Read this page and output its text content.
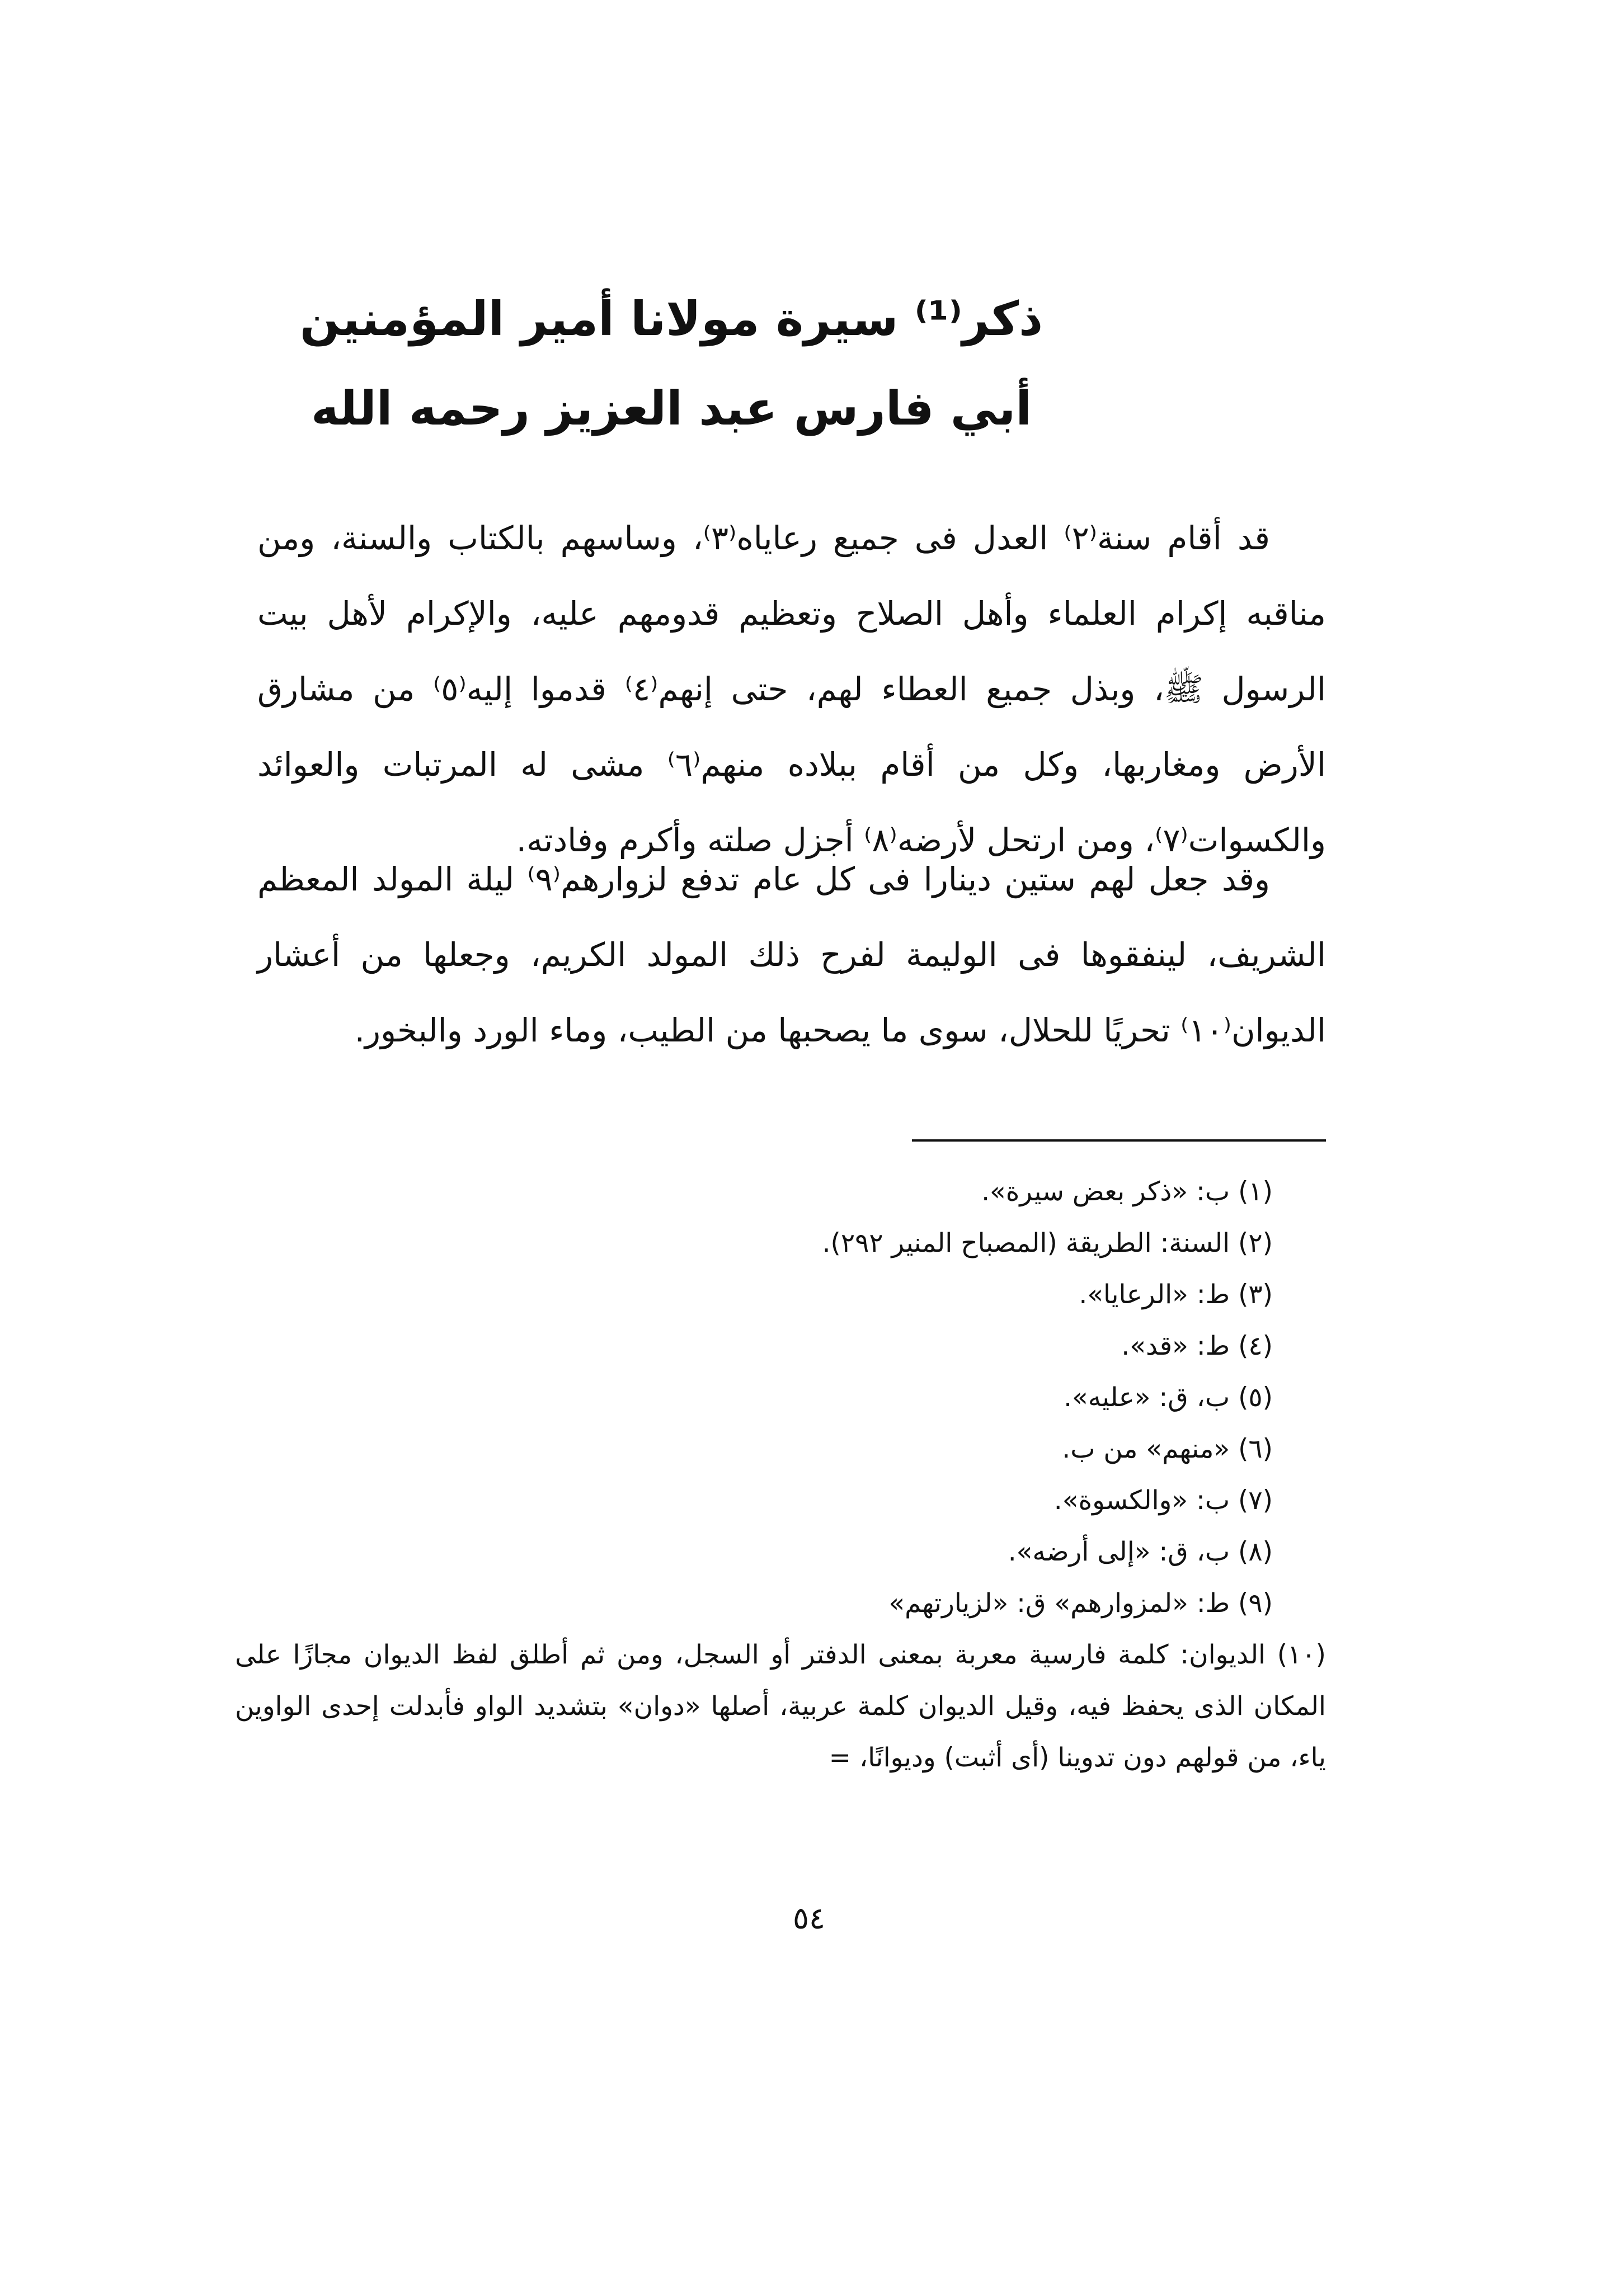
ذكر⁽¹⁾ سيرة مولانا أمير المؤمنين
أبي فارس عبد العزيز رحمه الله

قد أقام سنة⁽٢⁾ العدل فى جميع رعاياه⁽٣⁾، وساسهم بالكتاب والسنة، ومن مناقبه إكرام العلماء وأهل الصلاح وتعظيم قدومهم عليه، والإكرام لأهل بيت الرسول ﷺ، وبذل جميع العطاء لهم، حتى إنهم⁽٤⁾ قدموا إليه⁽٥⁾ من مشارق الأرض ومغاربها، وكل من أقام ببلاده منهم⁽٦⁾ مشى له المرتبات والعوائد والكسوات⁽٧⁾، ومن ارتحل لأرضه⁽٨⁾ أجزل صلته وأكرم وفادته.

وقد جعل لهم ستين دينارا فى كل عام تدفع لزوارهم⁽٩⁾ ليلة المولد المعظم الشريف، لينفقوها فى الوليمة لفرح ذلك المولد الكريم، وجعلها من أعشار الديوان⁽١٠⁾ تحريًا للحلال، سوى ما يصحبها من الطيب، وماء الورد والبخور.

(١) ب: «ذكر بعض سيرة».
(٢) السنة: الطريقة (المصباح المنير ٢٩٢).
(٣) ط: «الرعايا».
(٤) ط: «قد».
(٥) ب، ق: «عليه».
(٦) «منهم» من ب.
(٧) ب: «والكسوة».
(٨) ب، ق: «إلى أرضه».
(٩) ط: «لمزوارهم» ق: «لزيارتهم»
(١٠) الديوان: كلمة فارسية معربة بمعنى الدفتر أو السجل، ومن ثم أطلق لفظ الديوان مجازًا على المكان الذى يحفظ فيه، وقيل الديوان كلمة عربية، أصلها «دوان» بتشديد الواو فأبدلت إحدى الواوين ياء، من قولهم دون تدوينا (أى أثبت) وديوانًا، =

٥٤
